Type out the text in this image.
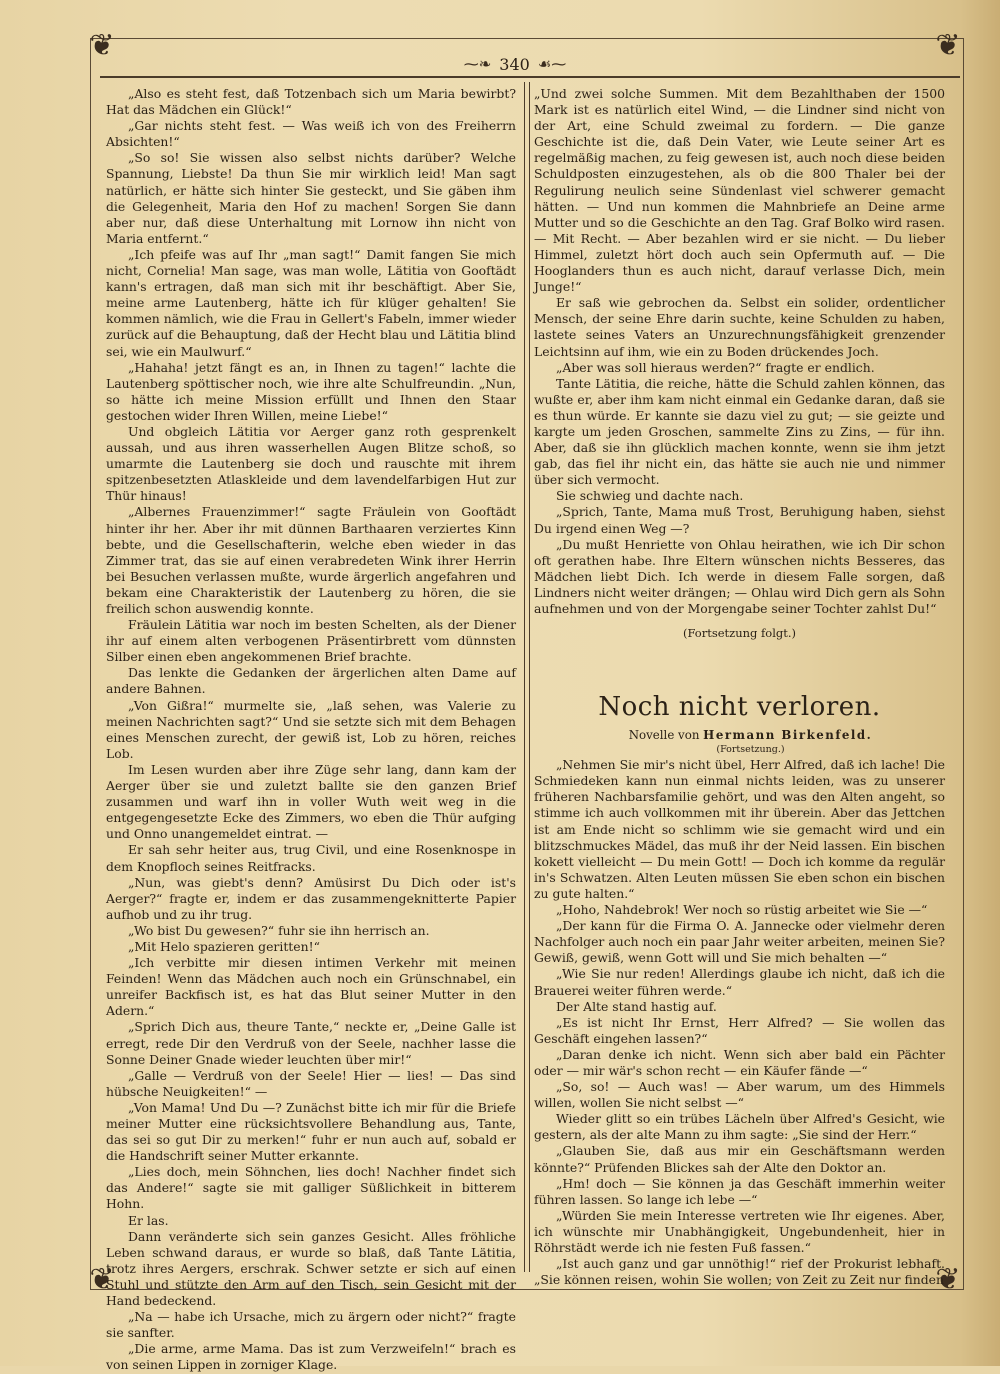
❦	❦
❦	❦
⁓❧ 340 ☙⁓

„Also es steht fest, daß Totzenbach sich um Maria bewirbt? Hat das Mädchen ein Glück!“

„Gar nichts steht fest. — Was weiß ich von des Freiherrn Absichten!“

„So so! Sie wissen also selbst nichts darüber? Welche Spannung, Liebste! Da thun Sie mir wirklich leid! Man sagt natürlich, er hätte sich hinter Sie gesteckt, und Sie gäben ihm die Gelegenheit, Maria den Hof zu machen! Sorgen Sie dann aber nur, daß diese Unterhaltung mit Lornow ihn nicht von Maria entfernt.“

„Ich pfeife was auf Ihr „man sagt!“ Damit fangen Sie mich nicht, Cornelia! Man sage, was man wolle, Lätitia von Gooftädt kann's ertragen, daß man sich mit ihr beschäftigt. Aber Sie, meine arme Lautenberg, hätte ich für klüger gehalten! Sie kommen nämlich, wie die Frau in Gellert's Fabeln, immer wieder zurück auf die Behauptung, daß der Hecht blau und Lätitia blind sei, wie ein Maulwurf.“

„Hahaha! jetzt fängt es an, in Ihnen zu tagen!“ lachte die Lautenberg spöttischer noch, wie ihre alte Schulfreundin. „Nun, so hätte ich meine Mission erfüllt und Ihnen den Staar gestochen wider Ihren Willen, meine Liebe!“

Und obgleich Lätitia vor Aerger ganz roth gesprenkelt aussah, und aus ihren wasserhellen Augen Blitze schoß, so umarmte die Lautenberg sie doch und rauschte mit ihrem spitzenbesetzten Atlaskleide und dem lavendelfarbigen Hut zur Thür hinaus!

„Albernes Frauenzimmer!“ sagte Fräulein von Gooftädt hinter ihr her. Aber ihr mit dünnen Barthaaren verziertes Kinn bebte, und die Gesellschafterin, welche eben wieder in das Zimmer trat, das sie auf einen verabredeten Wink ihrer Herrin bei Besuchen verlassen mußte, wurde ärgerlich angefahren und bekam eine Charakteristik der Lautenberg zu hören, die sie freilich schon auswendig konnte.

Fräulein Lätitia war noch im besten Schelten, als der Diener ihr auf einem alten verbogenen Präsentirbrett vom dünnsten Silber einen eben angekommenen Brief brachte.

Das lenkte die Gedanken der ärgerlichen alten Dame auf andere Bahnen.

„Von Gißra!“ murmelte sie, „laß sehen, was Valerie zu meinen Nachrichten sagt?“ Und sie setzte sich mit dem Behagen eines Menschen zurecht, der gewiß ist, Lob zu hören, reiches Lob.

Im Lesen wurden aber ihre Züge sehr lang, dann kam der Aerger über sie und zuletzt ballte sie den ganzen Brief zusammen und warf ihn in voller Wuth weit weg in die entgegengesetzte Ecke des Zimmers, wo eben die Thür aufging und Onno unangemeldet eintrat. —

Er sah sehr heiter aus, trug Civil, und eine Rosenknospe in dem Knopfloch seines Reitfracks.

„Nun, was giebt's denn? Amüsirst Du Dich oder ist's Aerger?“ fragte er, indem er das zusammengeknitterte Papier aufhob und zu ihr trug.

„Wo bist Du gewesen?“ fuhr sie ihn herrisch an.

„Mit Helo spazieren geritten!“

„Ich verbitte mir diesen intimen Verkehr mit meinen Feinden! Wenn das Mädchen auch noch ein Grünschnabel, ein unreifer Backfisch ist, es hat das Blut seiner Mutter in den Adern.“

„Sprich Dich aus, theure Tante,“ neckte er, „Deine Galle ist erregt, rede Dir den Verdruß von der Seele, nachher lasse die Sonne Deiner Gnade wieder leuchten über mir!“

„Galle — Verdruß von der Seele! Hier — lies! — Das sind hübsche Neuigkeiten!“ —

„Von Mama! Und Du —? Zunächst bitte ich mir für die Briefe meiner Mutter eine rücksichtsvollere Behandlung aus, Tante, das sei so gut Dir zu merken!“ fuhr er nun auch auf, sobald er die Handschrift seiner Mutter erkannte.

„Lies doch, mein Söhnchen, lies doch! Nachher findet sich das Andere!“ sagte sie mit galliger Süßlichkeit in bitterem Hohn.

Er las.

Dann veränderte sich sein ganzes Gesicht. Alles fröhliche Leben schwand daraus, er wurde so blaß, daß Tante Lätitia, trotz ihres Aergers, erschrak. Schwer setzte er sich auf einen Stuhl und stützte den Arm auf den Tisch, sein Gesicht mit der Hand bedeckend.

„Na — habe ich Ursache, mich zu ärgern oder nicht?“ fragte sie sanfter.

„Die arme, arme Mama. Das ist zum Verzweifeln!“ brach es von seinen Lippen in zorniger Klage.

„Und zwei solche Summen. Mit dem Bezahlthaben der 1500 Mark ist es natürlich eitel Wind, — die Lindner sind nicht von der Art, eine Schuld zweimal zu fordern. — Die ganze Geschichte ist die, daß Dein Vater, wie Leute seiner Art es regelmäßig machen, zu feig gewesen ist, auch noch diese beiden Schuldposten einzugestehen, als ob die 800 Thaler bei der Regulirung neulich seine Sündenlast viel schwerer gemacht hätten. — Und nun kommen die Mahnbriefe an Deine arme Mutter und so die Geschichte an den Tag. Graf Bolko wird rasen. — Mit Recht. — Aber bezahlen wird er sie nicht. — Du lieber Himmel, zuletzt hört doch auch sein Opfermuth auf. — Die Hooglanders thun es auch nicht, darauf verlasse Dich, mein Junge!“

Er saß wie gebrochen da. Selbst ein solider, ordentlicher Mensch, der seine Ehre darin suchte, keine Schulden zu haben, lastete seines Vaters an Unzurechnungsfähigkeit grenzender Leichtsinn auf ihm, wie ein zu Boden drückendes Joch.

„Aber was soll hieraus werden?“ fragte er endlich.

Tante Lätitia, die reiche, hätte die Schuld zahlen können, das wußte er, aber ihm kam nicht einmal ein Gedanke daran, daß sie es thun würde. Er kannte sie dazu viel zu gut; — sie geizte und kargte um jeden Groschen, sammelte Zins zu Zins, — für ihn. Aber, daß sie ihn glücklich machen konnte, wenn sie ihm jetzt gab, das fiel ihr nicht ein, das hätte sie auch nie und nimmer über sich vermocht.

Sie schwieg und dachte nach.

„Sprich, Tante, Mama muß Trost, Beruhigung haben, siehst Du irgend einen Weg —?

„Du mußt Henriette von Ohlau heirathen, wie ich Dir schon oft gerathen habe. Ihre Eltern wünschen nichts Besseres, das Mädchen liebt Dich. Ich werde in diesem Falle sorgen, daß Lindners nicht weiter drängen; — Ohlau wird Dich gern als Sohn aufnehmen und von der Morgengabe seiner Tochter zahlst Du!“

(Fortsetzung folgt.)

Noch nicht verloren.

Novelle von Hermann Birkenfeld.

(Fortsetzung.)

„Nehmen Sie mir's nicht übel, Herr Alfred, daß ich lache! Die Schmiedeken kann nun einmal nichts leiden, was zu unserer früheren Nachbarsfamilie gehört, und was den Alten angeht, so stimme ich auch vollkommen mit ihr überein. Aber das Jettchen ist am Ende nicht so schlimm wie sie gemacht wird und ein blitzschmuckes Mädel, das muß ihr der Neid lassen. Ein bischen kokett vielleicht — Du mein Gott! — Doch ich komme da regulär in's Schwatzen. Alten Leuten müssen Sie eben schon ein bischen zu gute halten.“

„Hoho, Nahdebrok! Wer noch so rüstig arbeitet wie Sie —“

„Der kann für die Firma O. A. Jannecke oder vielmehr deren Nachfolger auch noch ein paar Jahr weiter arbeiten, meinen Sie? Gewiß, gewiß, wenn Gott will und Sie mich behalten —“

„Wie Sie nur reden! Allerdings glaube ich nicht, daß ich die Brauerei weiter führen werde.“

Der Alte stand hastig auf.

„Es ist nicht Ihr Ernst, Herr Alfred? — Sie wollen das Geschäft eingehen lassen?“

„Daran denke ich nicht. Wenn sich aber bald ein Pächter oder — mir wär's schon recht — ein Käufer fände —“

„So, so! — Auch was! — Aber warum, um des Himmels willen, wollen Sie nicht selbst —“

Wieder glitt so ein trübes Lächeln über Alfred's Gesicht, wie gestern, als der alte Mann zu ihm sagte: „Sie sind der Herr.“

„Glauben Sie, daß aus mir ein Geschäftsmann werden könnte?“ Prüfenden Blickes sah der Alte den Doktor an.

„Hm! doch — Sie können ja das Geschäft immerhin weiter führen lassen. So lange ich lebe —“

„Würden Sie mein Interesse vertreten wie Ihr eigenes. Aber, ich wünschte mir Unabhängigkeit, Ungebundenheit, hier in Röhrstädt werde ich nie festen Fuß fassen.“

„Ist auch ganz und gar unnöthig!“ rief der Prokurist lebhaft. „Sie können reisen, wohin Sie wollen; von Zeit zu Zeit nur finden
